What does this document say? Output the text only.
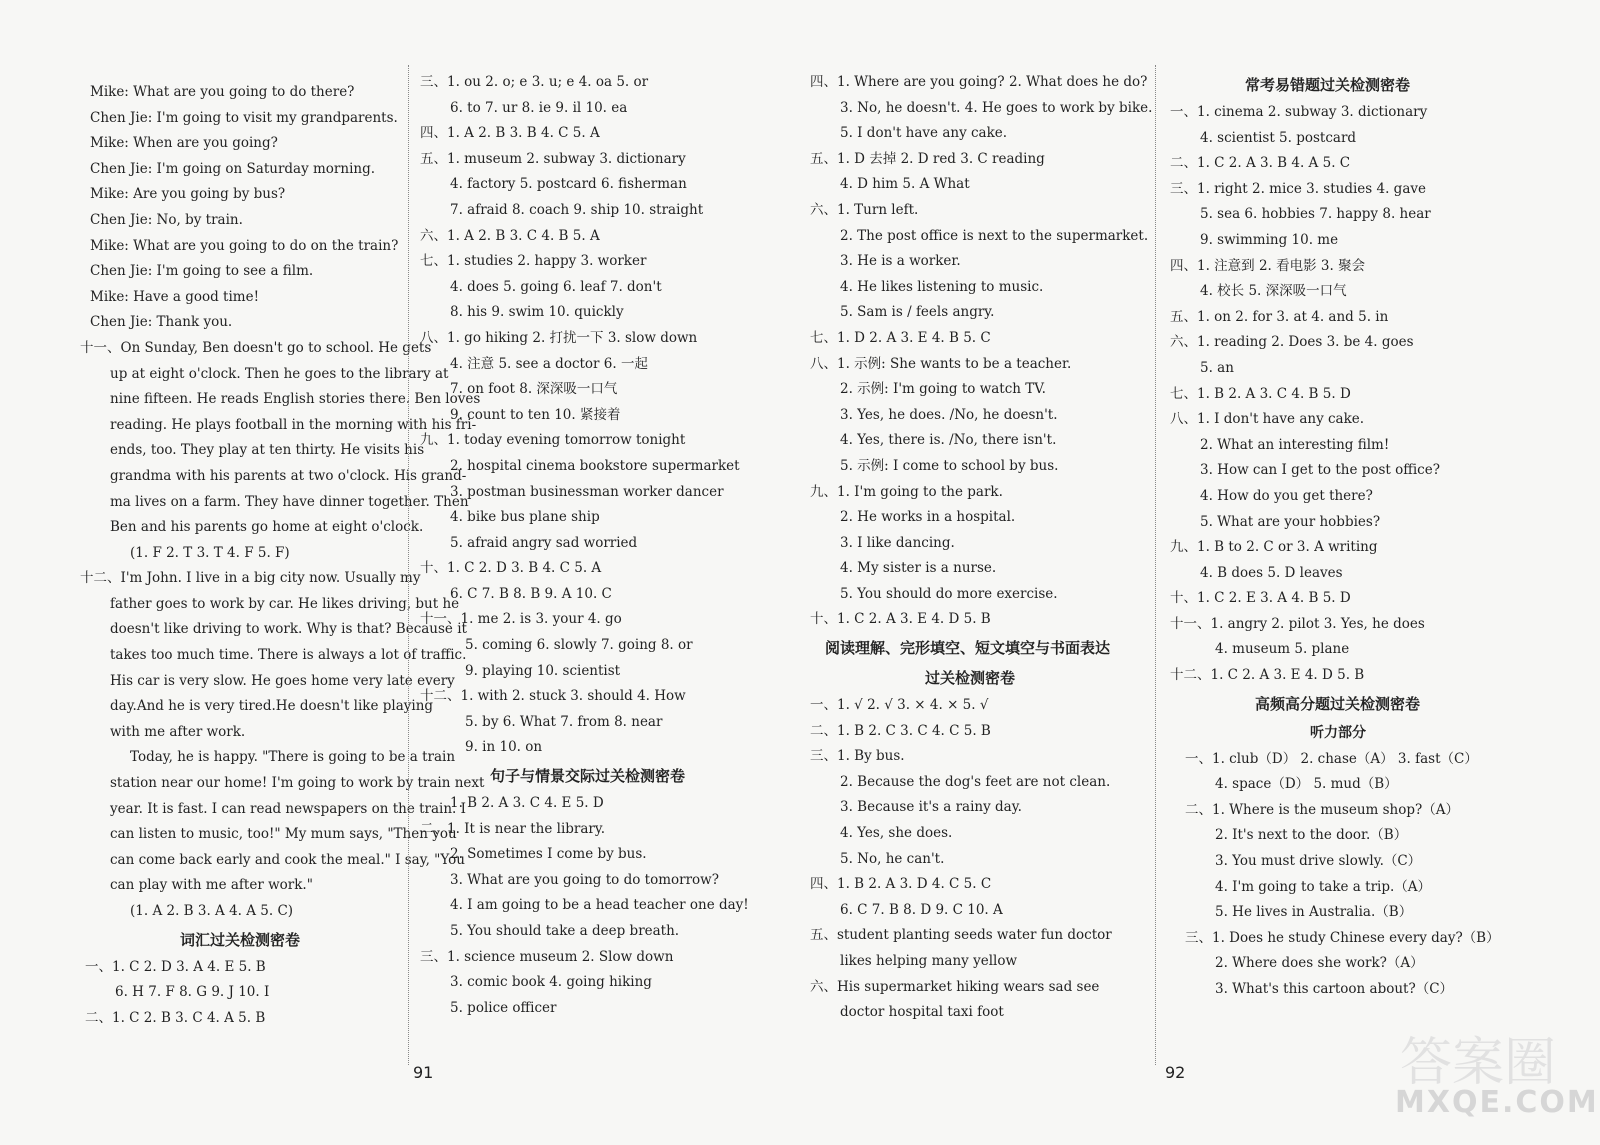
Mike: What are you going to do there?
Chen Jie: I'm going to visit my grandparents.
Mike: When are you going?
Chen Jie: I'm going on Saturday morning.
Mike: Are you going by bus?
Chen Jie: No, by train.
Mike: What are you going to do on the train?
Chen Jie: I'm going to see a film.
Mike: Have a good time!
Chen Jie: Thank you.
十一、On Sunday, Ben doesn't go to school. He gets
up at eight o'clock. Then he goes to the library at
nine fifteen. He reads English stories there. Ben loves
reading. He plays football in the morning with his fri-
ends, too. They play at ten thirty. He visits his
grandma with his parents at two o'clock. His grand-
ma lives on a farm. They have dinner together. Then
Ben and his parents go home at eight o'clock.
(1. F 2. T 3. T 4. F 5. F)
十二、I'm John. I live in a big city now. Usually my
father goes to work by car. He likes driving, but he
doesn't like driving to work. Why is that? Because it
takes too much time. There is always a lot of traffic.
His car is very slow. He goes home very late every
day.And he is very tired.He doesn't like playing
with me after work.
Today, he is happy. "There is going to be a train
station near our home! I'm going to work by train next
year. It is fast. I can read newspapers on the train. I
can listen to music, too!" My mum says, "Then you
can come back early and cook the meal." I say, "You
can play with me after work."
(1. A 2. B 3. A 4. A 5. C)
词汇过关检测密卷
一、1. C 2. D 3. A 4. E 5. B
6. H 7. F 8. G 9. J 10. I
二、1. C 2. B 3. C 4. A 5. B
三、1. ou 2. o; e 3. u; e 4. oa 5. or
6. to 7. ur 8. ie 9. il 10. ea
四、1. A 2. B 3. B 4. C 5. A
五、1. museum 2. subway 3. dictionary
4. factory 5. postcard 6. fisherman
7. afraid 8. coach 9. ship 10. straight
六、1. A 2. B 3. C 4. B 5. A
七、1. studies 2. happy 3. worker
4. does 5. going 6. leaf 7. don't
8. his 9. swim 10. quickly
八、1. go hiking 2. 打扰一下 3. slow down
4. 注意 5. see a doctor 6. 一起
7. on foot 8. 深深吸一口气
9. count to ten 10. 紧接着
九、1. today evening tomorrow tonight
2. hospital cinema bookstore supermarket
3. postman businessman worker dancer
4. bike bus plane ship
5. afraid angry sad worried
十、1. C 2. D 3. B 4. C 5. A
6. C 7. B 8. B 9. A 10. C
十一、1. me 2. is 3. your 4. go
5. coming 6. slowly 7. going 8. or
9. playing 10. scientist
十二、1. with 2. stuck 3. should 4. How
5. by 6. What 7. from 8. near
9. in 10. on
句子与情景交际过关检测密卷
1. B 2. A 3. C 4. E 5. D
二、1. It is near the library.
2. Sometimes I come by bus.
3. What are you going to do tomorrow?
4. I am going to be a head teacher one day!
5. You should take a deep breath.
三、1. science museum 2. Slow down
3. comic book 4. going hiking
5. police officer
四、1. Where are you going? 2. What does he do?
3. No, he doesn't. 4. He goes to work by bike.
5. I don't have any cake.
五、1. D 去掉 2. D red 3. C reading
4. D him 5. A What
六、1. Turn left.
2. The post office is next to the supermarket.
3. He is a worker.
4. He likes listening to music.
5. Sam is / feels angry.
七、1. D 2. A 3. E 4. B 5. C
八、1. 示例: She wants to be a teacher.
2. 示例: I'm going to watch TV.
3. Yes, he does. /No, he doesn't.
4. Yes, there is. /No, there isn't.
5. 示例: I come to school by bus.
九、1. I'm going to the park.
2. He works in a hospital.
3. I like dancing.
4. My sister is a nurse.
5. You should do more exercise.
十、1. C 2. A 3. E 4. D 5. B
阅读理解、完形填空、短文填空与书面表达
过关检测密卷
一、1. √ 2. √ 3. × 4. × 5. √
二、1. B 2. C 3. C 4. C 5. B
三、1. By bus.
2. Because the dog's feet are not clean.
3. Because it's a rainy day.
4. Yes, she does.
5. No, he can't.
四、1. B 2. A 3. D 4. C 5. C
6. C 7. B 8. D 9. C 10. A
五、student planting seeds water fun doctor
likes helping many yellow
六、His supermarket hiking wears sad see
doctor hospital taxi foot
常考易错题过关检测密卷
一、1. cinema 2. subway 3. dictionary
4. scientist 5. postcard
二、1. C 2. A 3. B 4. A 5. C
三、1. right 2. mice 3. studies 4. gave
5. sea 6. hobbies 7. happy 8. hear
9. swimming 10. me
四、1. 注意到 2. 看电影 3. 聚会
4. 校长 5. 深深吸一口气
五、1. on 2. for 3. at 4. and 5. in
六、1. reading 2. Does 3. be 4. goes
5. an
七、1. B 2. A 3. C 4. B 5. D
八、1. I don't have any cake.
2. What an interesting film!
3. How can I get to the post office?
4. How do you get there?
5. What are your hobbies?
九、1. B to 2. C or 3. A writing
4. B does 5. D leaves
十、1. C 2. E 3. A 4. B 5. D
十一、1. angry 2. pilot 3. Yes, he does
4. museum 5. plane
十二、1. C 2. A 3. E 4. D 5. B
高频高分题过关检测密卷
听力部分
一、1. club（D） 2. chase（A） 3. fast（C）
4. space（D） 5. mud（B）
二、1. Where is the museum shop?（A）
2. It's next to the door.（B）
3. You must drive slowly.（C）
4. I'm going to take a trip.（A）
5. He lives in Australia.（B）
三、1. Does he study Chinese every day?（B）
2. Where does she work?（A）
3. What's this cartoon about?（C）
91	92	答案圈
MXQE.COM
